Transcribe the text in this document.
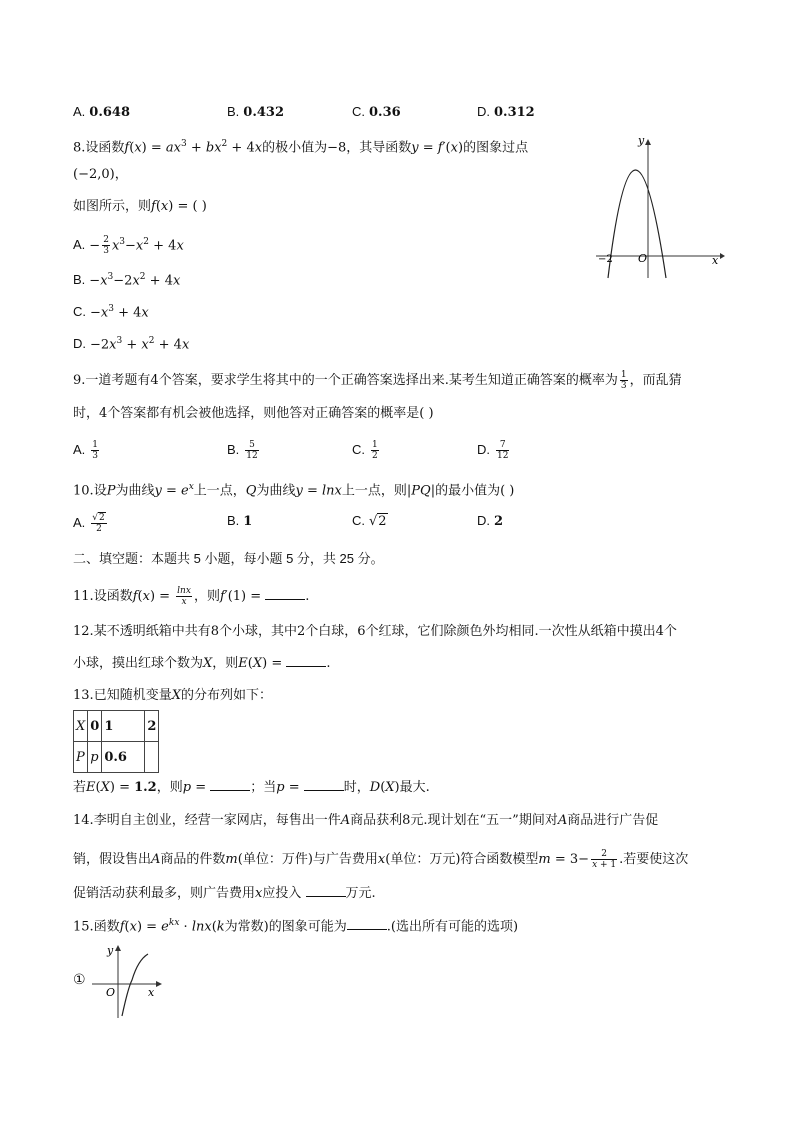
A. 0.648	B. 0.432	C. 0.36	D. 0.312
8.设函数$f(x) = ax^3 + bx^2 + 4x$的极小值为−8，其导函数y = f′(x)的图象过点
(−2,0)，
如图所示，则f(x) = ( )
A. − $\frac{2}{3} x^3-x^2 + 4x$
B. $-x^3-2x^2 + 4x$
C. $-x^3 + 4x$
D. $-2x^3 + x^2 + 4x$
y
x
O
−2
9.一道考题有4个答案，要求学生将其中的一个正确答案选择出来.某考生知道正确答案的概率为 $\frac{1}{3}$ ，而乱猜
时，4个答案都有机会被他选择，则他答对正确答案的概率是( )
A. $\frac{1}{3}$	B. $\frac{5}{12}$	C. $\frac{1}{2}$	D. $\frac{7}{12}$
10.设P为曲线$y = e^x$上一点，Q为曲线y = lnx上一点，则|PQ|的最小值为( )
A. $\frac{√2}{2}$	B. 1	C. √2	D. 2
二、填空题：本题共 5 小题，每小题 5 分，共 25 分。
11.设函数$f(x) = \frac{\ln x}{x}$ ，则f′(1) =	.
12.某不透明纸箱中共有8个小球，其中2个白球，6个红球，它们除颜色外均相同.一次性从纸箱中摸出4个
小球，摸出红球个数为X，则E(X) =	.
13.已知随机变量X的分布列如下：
X	0	1	2
P	p	0.6	
若E(X) = 1.2，则p =	；当p =	时，D(X)最大.
14.李明自主创业，经营一家网店，每售出一件A商品获利8元.现计划在“五一”期间对A商品进行广告促
销，假设售出A商品的件数m(单位：万件)与广告费用x(单位：万元)符合函数模型$m = 3- \frac{2}{x + 1}$ .若要使这次
促销活动获利最多，则广告费用x应投入	万元.
15.函数$f(x) = e^{kx} \cdot \ln x(k$为常数)的图象可能为	.(选出所有可能的选项)
①
y
x
O
